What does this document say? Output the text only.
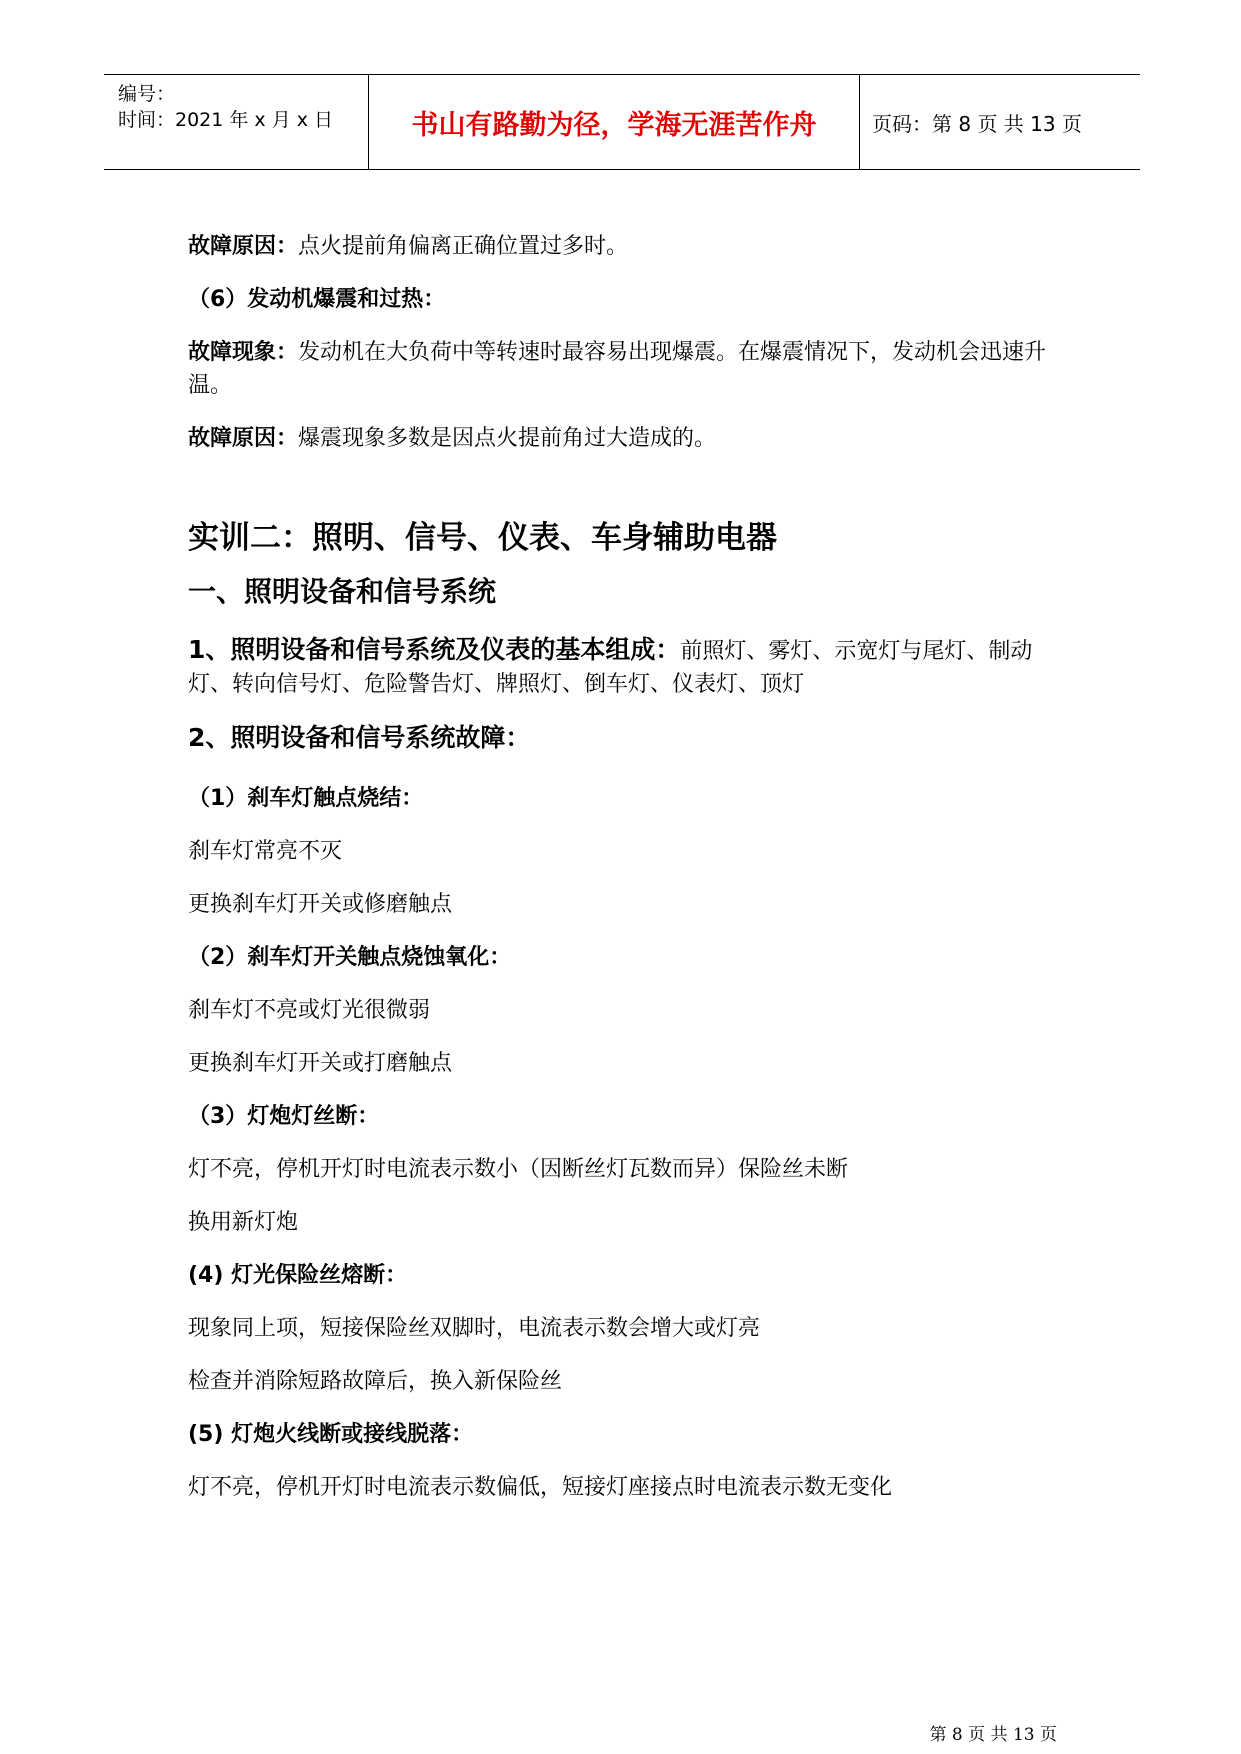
编号：
时间：2021 年 x 月 x 日	书山有路勤为径，学海无涯苦作舟	页码：第 8 页 共 13 页

故障原因：点火提前角偏离正确位置过多时。

（6）发动机爆震和过热：

故障现象：发动机在大负荷中等转速时最容易出现爆震。在爆震情况下，发动机会迅速升温。

故障原因：爆震现象多数是因点火提前角过大造成的。

实训二：照明、信号、仪表、车身辅助电器
一、照明设备和信号系统

1、照明设备和信号系统及仪表的基本组成：前照灯、雾灯、示宽灯与尾灯、制动灯、转向信号灯、危险警告灯、牌照灯、倒车灯、仪表灯、顶灯

2、照明设备和信号系统故障：

（1）刹车灯触点烧结：

刹车灯常亮不灭

更换刹车灯开关或修磨触点

（2）刹车灯开关触点烧蚀氧化：

刹车灯不亮或灯光很微弱

更换刹车灯开关或打磨触点

（3）灯炮灯丝断：

灯不亮，停机开灯时电流表示数小（因断丝灯瓦数而异）保险丝未断

换用新灯炮

(4) 灯光保险丝熔断：

现象同上项，短接保险丝双脚时，电流表示数会增大或灯亮

检查并消除短路故障后，换入新保险丝

(5) 灯炮火线断或接线脱落：

灯不亮，停机开灯时电流表示数偏低，短接灯座接点时电流表示数无变化

第 8 页 共 13 页
